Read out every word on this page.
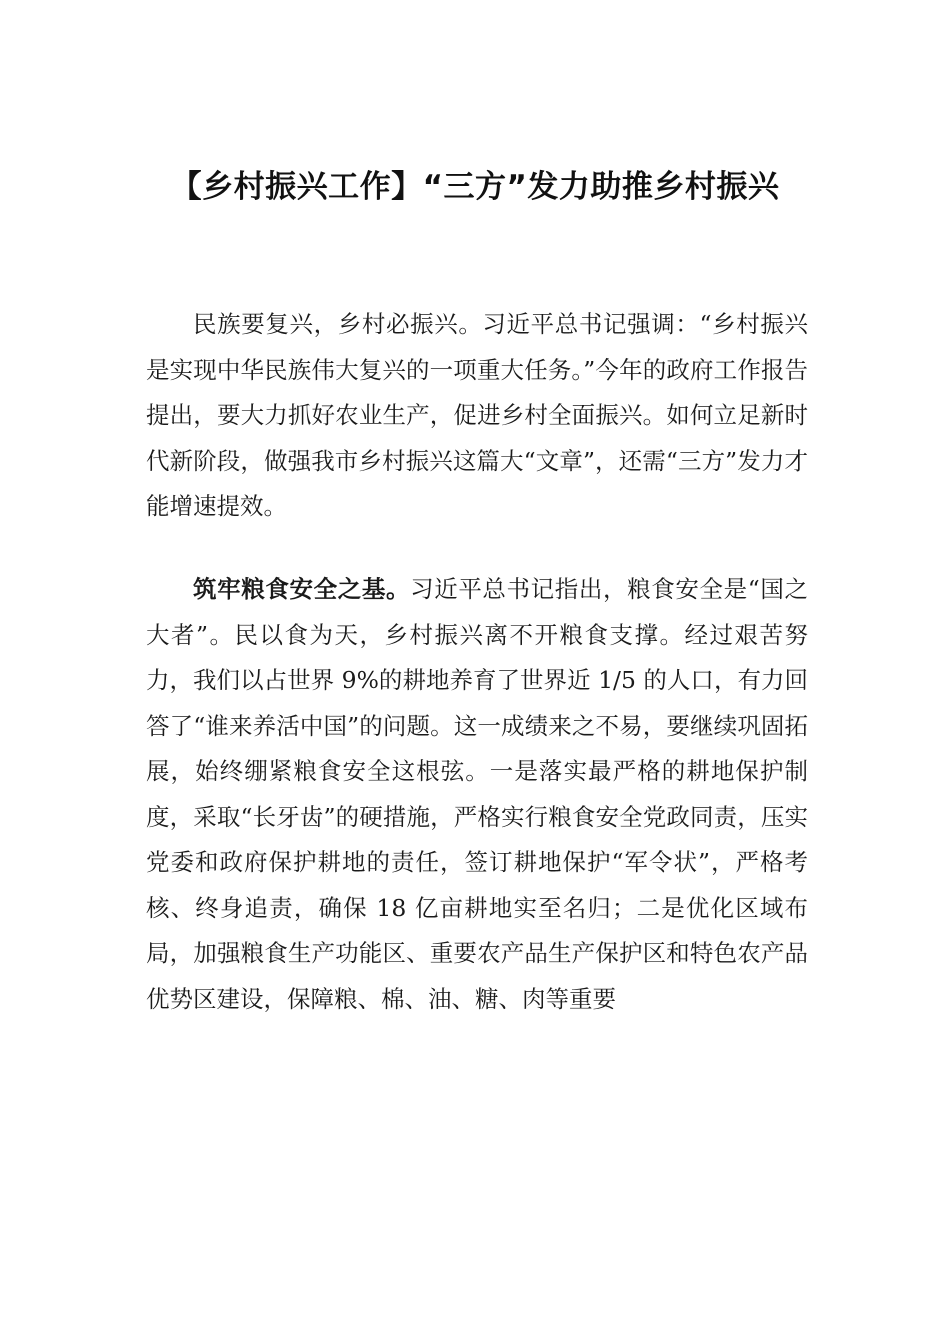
【乡村振兴工作】“三方”发力助推乡村振兴

民族要复兴，乡村必振兴。习近平总书记强调：“乡村振兴是实现中华民族伟大复兴的一项重大任务。”今年的政府工作报告提出，要大力抓好农业生产，促进乡村全面振兴。如何立足新时代新阶段，做强我市乡村振兴这篇大“文章”，还需“三方”发力才能增速提效。

筑牢粮食安全之基。习近平总书记指出，粮食安全是“国之大者”。民以食为天，乡村振兴离不开粮食支撑。经过艰苦努力，我们以占世界 9%的耕地养育了世界近 1/5 的人口，有力回答了“谁来养活中国”的问题。这一成绩来之不易，要继续巩固拓展，始终绷紧粮食安全这根弦。一是落实最严格的耕地保护制度，采取“长牙齿”的硬措施，严格实行粮食安全党政同责，压实党委和政府保护耕地的责任，签订耕地保护“军令状”，严格考核、终身追责，确保 18 亿亩耕地实至名归；二是优化区域布局，加强粮食生产功能区、重要农产品生产保护区和特色农产品优势区建设，保障粮、棉、油、糖、肉等重要
